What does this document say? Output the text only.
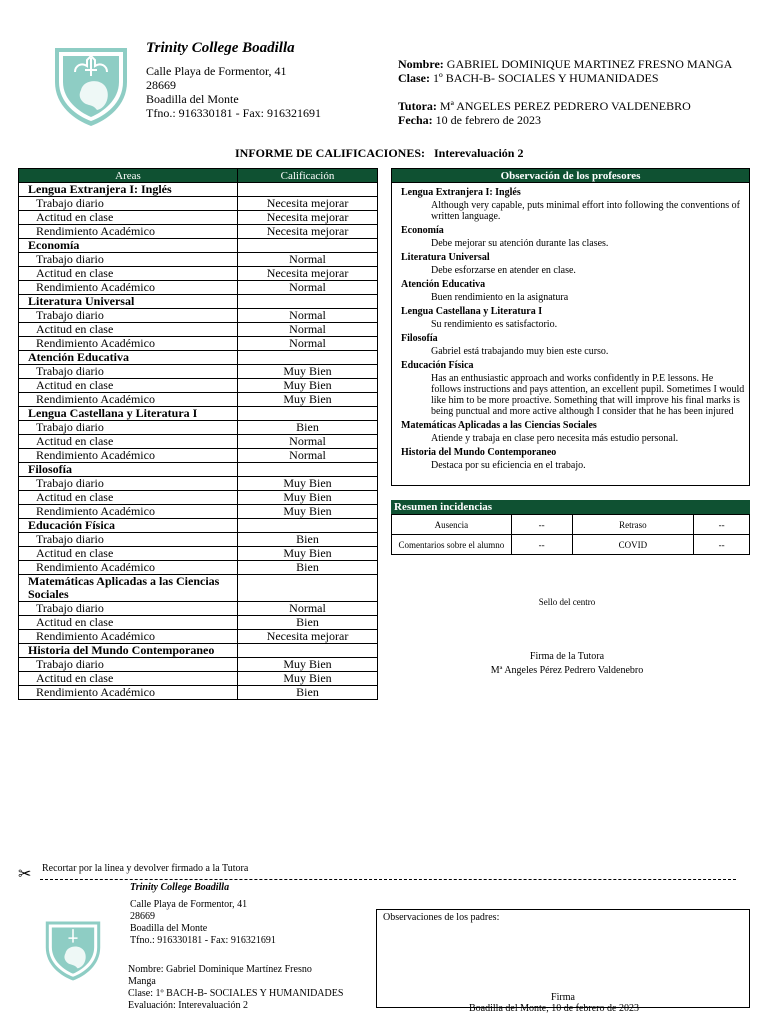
Trinity College Boadilla
Calle Playa de Formentor, 41
28669
Boadilla del Monte
Tfno.: 916330181 - Fax: 916321691
Nombre: GABRIEL DOMINIQUE MARTINEZ FRESNO MANGA
Clase: 1º BACH-B- SOCIALES Y HUMANIDADES
Tutora: Mª ANGELES PEREZ PEDRERO VALDENEBRO
Fecha: 10 de febrero de 2023
INFORME DE CALIFICACIONES: Interevaluación 2
Areas	Calificación
Lengua Extranjera I: Inglés	
Trabajo diario	Necesita mejorar
Actitud en clase	Necesita mejorar
Rendimiento Académico	Necesita mejorar
Economía	
Trabajo diario	Normal
Actitud en clase	Necesita mejorar
Rendimiento Académico	Normal
Literatura Universal	
Trabajo diario	Normal
Actitud en clase	Normal
Rendimiento Académico	Normal
Atención Educativa	
Trabajo diario	Muy Bien
Actitud en clase	Muy Bien
Rendimiento Académico	Muy Bien
Lengua Castellana y Literatura I	
Trabajo diario	Bien
Actitud en clase	Normal
Rendimiento Académico	Normal
Filosofía	
Trabajo diario	Muy Bien
Actitud en clase	Muy Bien
Rendimiento Académico	Muy Bien
Educación Física	
Trabajo diario	Bien
Actitud en clase	Muy Bien
Rendimiento Académico	Bien
Matemáticas Aplicadas a las Ciencias Sociales	
Trabajo diario	Normal
Actitud en clase	Bien
Rendimiento Académico	Necesita mejorar
Historia del Mundo Contemporaneo	
Trabajo diario	Muy Bien
Actitud en clase	Muy Bien
Rendimiento Académico	Bien
Observación de los profesores
Lengua Extranjera I: Inglés
Although very capable, puts minimal effort into following the conventions of written language.
Economía
Debe mejorar su atención durante las clases.
Literatura Universal
Debe esforzarse en atender en clase.
Atención Educativa
Buen rendimiento en la asignatura
Lengua Castellana y Literatura I
Su rendimiento es satisfactorio.
Filosofía
Gabriel está trabajando muy bien este curso.
Educación Física
Has an enthusiastic approach and works confidently in P.E lessons. He follows instructions and pays attention, an excellent pupil. Sometimes I would like him to be more proactive. Something that will improve his final marks is being punctual and more active although I consider that he has been injured
Matemáticas Aplicadas a las Ciencias Sociales
Atiende y trabaja en clase pero necesita más estudio personal.
Historia del Mundo Contemporaneo
Destaca por su eficiencia en el trabajo.
Resumen incidencias
Ausencia	--	Retraso	--
Comentarios sobre el alumno	--	COVID	--
Sello del centro
Firma de la Tutora
Mª Angeles Pérez Pedrero Valdenebro
✂ Recortar por la linea y devolver firmado a la Tutora
Trinity College Boadilla
Calle Playa de Formentor, 41
28669
Boadilla del Monte
Tfno.: 916330181 - Fax: 916321691
Nombre: Gabriel Dominique Martínez Fresno
Manga
Clase: 1º BACH-B- SOCIALES Y HUMANIDADES
Evaluación: Interevaluación 2
Observaciones de los padres:
Firma
Boadilla del Monte, 10 de febrero de 2023
